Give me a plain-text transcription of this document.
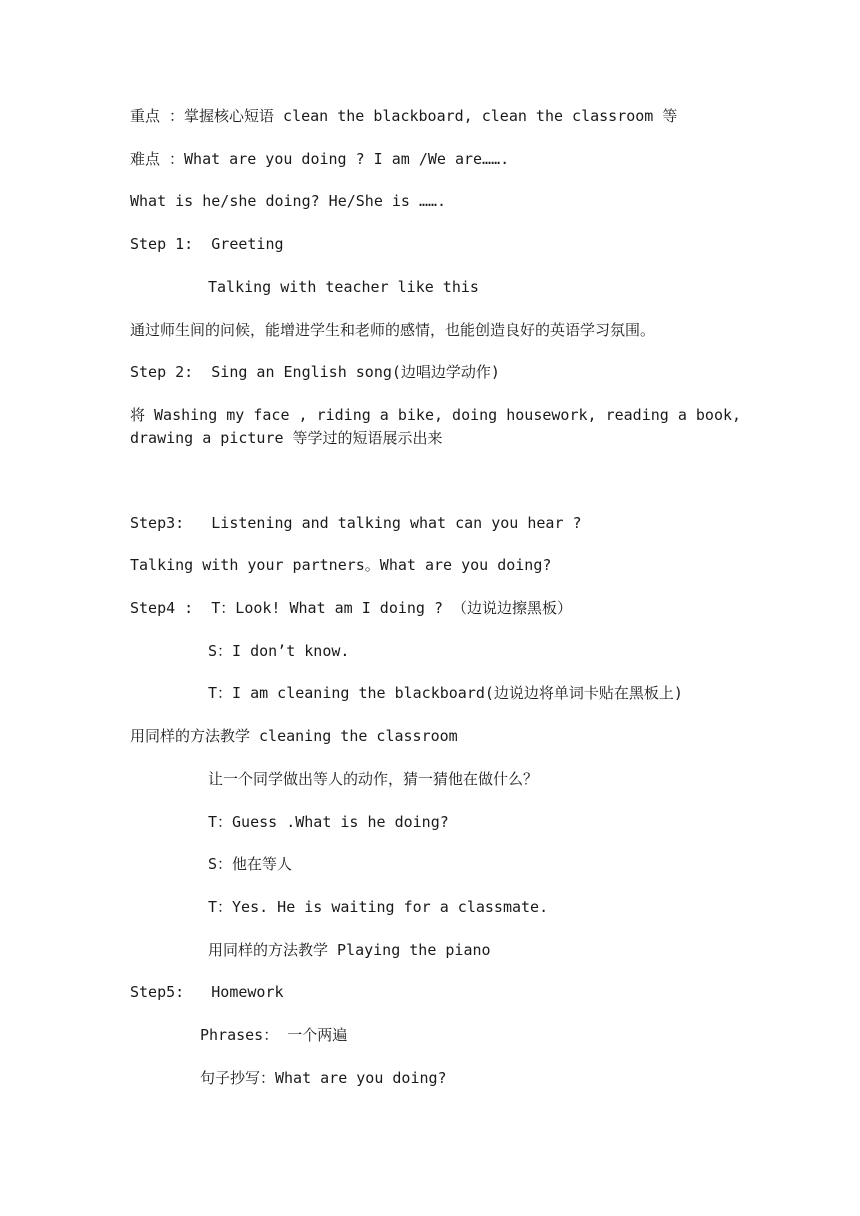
重点 ：掌握核心短语 clean the blackboard, clean the classroom 等
难点 ：What are you doing ? I am /We are…….
What is he/she doing? He/She is …….
Step 1:  Greeting
Talking with teacher like this
通过师生间的问候，能增进学生和老师的感情，也能创造良好的英语学习氛围。
Step 2:  Sing an English song(边唱边学动作)
将 Washing my face , riding a bike, doing housework, reading a book,
drawing a picture 等学过的短语展示出来
Step3:   Listening and talking what can you hear ?
Talking with your partners。What are you doing?
Step4 :  T：Look! What am I doing ? （边说边擦黑板）
S：I don’t know.
T：I am cleaning the blackboard(边说边将单词卡贴在黑板上)
用同样的方法教学 cleaning the classroom
让一个同学做出等人的动作，猜一猜他在做什么？
T：Guess .What is he doing?
S：他在等人
T：Yes. He is waiting for a classmate.
用同样的方法教学 Playing the piano
Step5:   Homework
Phrases： 一个两遍
句子抄写：What are you doing?
